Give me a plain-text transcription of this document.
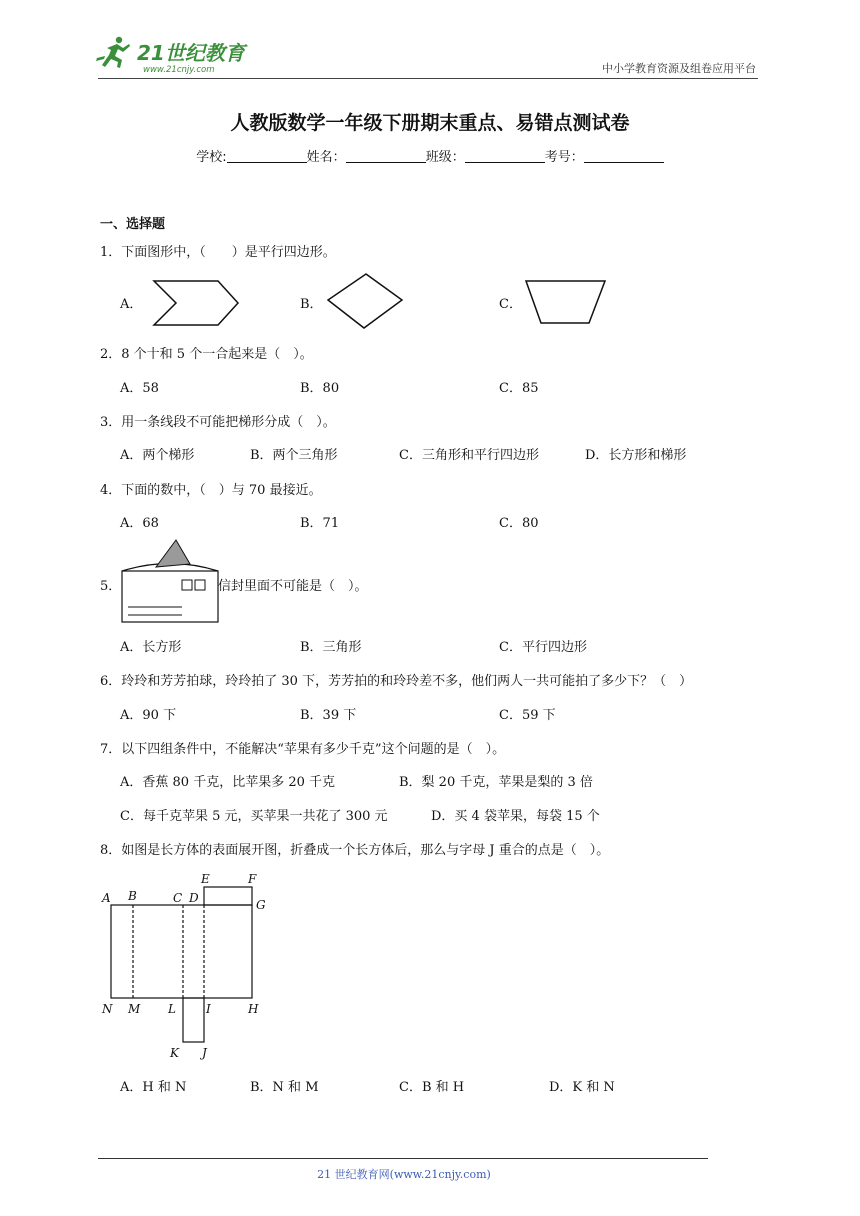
21世纪教育
www.21cnjy.com	中小学教育资源及组卷应用平台
人教版数学一年级下册期末重点、易错点测试卷
学校:	姓名：	班级：	考号：
一、选择题
1．下面图形中，（　　）是平行四边形。
A．	B．	C．
2．8 个十和 5 个一合起来是（　）。
A．58	B．80	C．85
3．用一条线段不可能把梯形分成（　）。
A．两个梯形	B．两个三角形	C．三角形和平行四边形	D．长方形和梯形
4．下面的数中，（　）与 70 最接近。
A．68	B．71	C．80
5．	信封里面不可能是（　）。
A．长方形	B．三角形	C．平行四边形
6．玲玲和芳芳拍球，玲玲拍了 30 下，芳芳拍的和玲玲差不多，他们两人一共可能拍了多少下？（　）
A．90 下	B．39 下	C．59 下
7．以下四组条件中，不能解决“苹果有多少千克”这个问题的是（　）。
A．香蕉 80 千克，比苹果多 20 千克	B．梨 20 千克，苹果是梨的 3 倍
C．每千克苹果 5 元，买苹果一共花了 300 元	D．买 4 袋苹果，每袋 15 个
8．如图是长方体的表面展开图，折叠成一个长方体后，那么与字母 J 重合的点是（　）。
A B	C D
E	F
G
N M L	I	H
K J
A．H 和 N	B．N 和 M	C．B 和 H	D．K 和 N
21 世纪教育网(www.21cnjy.com)
